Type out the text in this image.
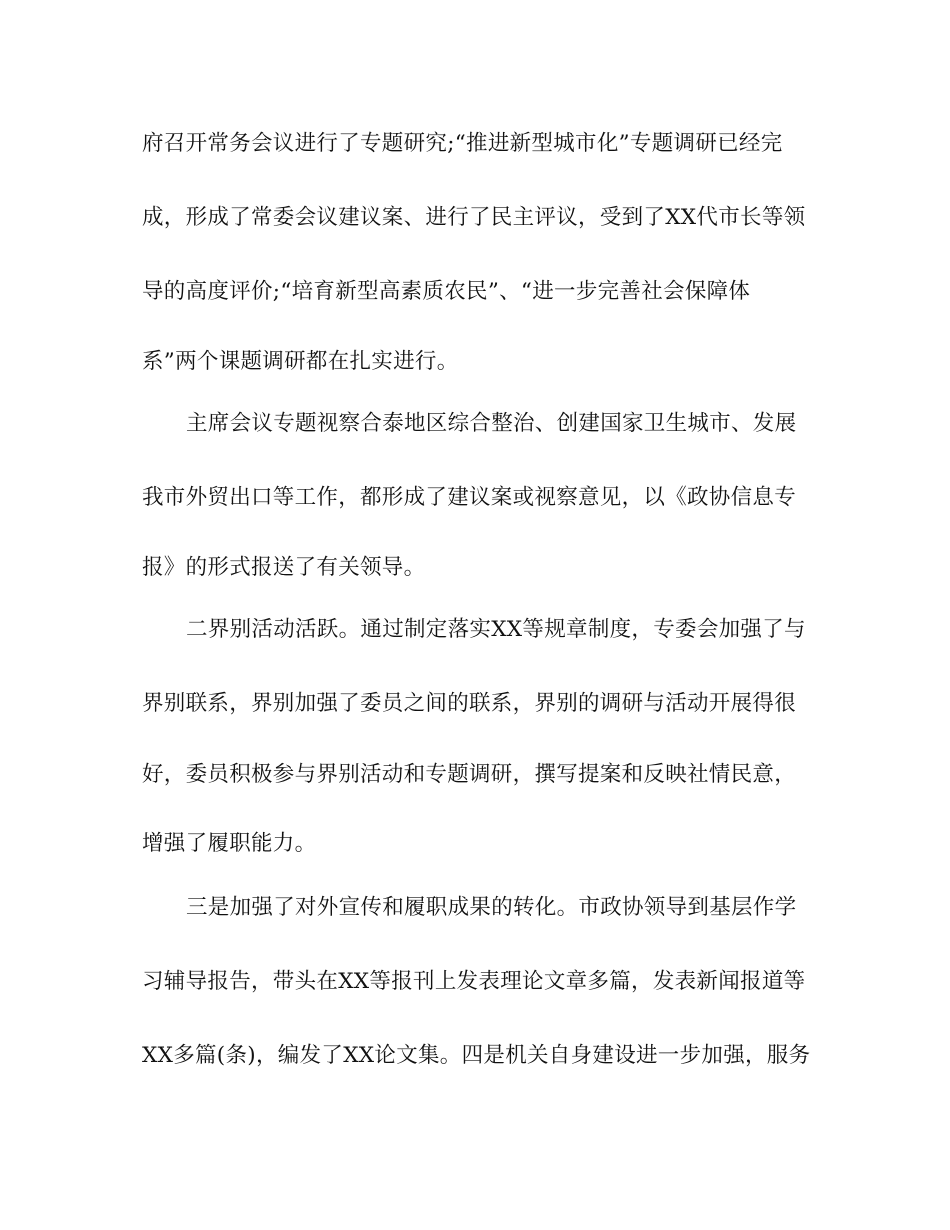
府召开常务会议进行了专题研究;“推进新型城市化”专题调研已经完
成，形成了常委会议建议案、进行了民主评议，受到了XX代市长等领
导的高度评价;“培育新型高素质农民”、“进一步完善社会保障体
系”两个课题调研都在扎实进行。
主席会议专题视察合泰地区综合整治、创建国家卫生城市、发展
我市外贸出口等工作，都形成了建议案或视察意见，以《政协信息专
报》的形式报送了有关领导。
二界别活动活跃。通过制定落实XX等规章制度，专委会加强了与
界别联系，界别加强了委员之间的联系，界别的调研与活动开展得很
好，委员积极参与界别活动和专题调研，撰写提案和反映社情民意，
增强了履职能力。
三是加强了对外宣传和履职成果的转化。市政协领导到基层作学
习辅导报告，带头在XX等报刊上发表理论文章多篇，发表新闻报道等
XX多篇(条)，编发了XX论文集。四是机关自身建设进一步加强，服务
